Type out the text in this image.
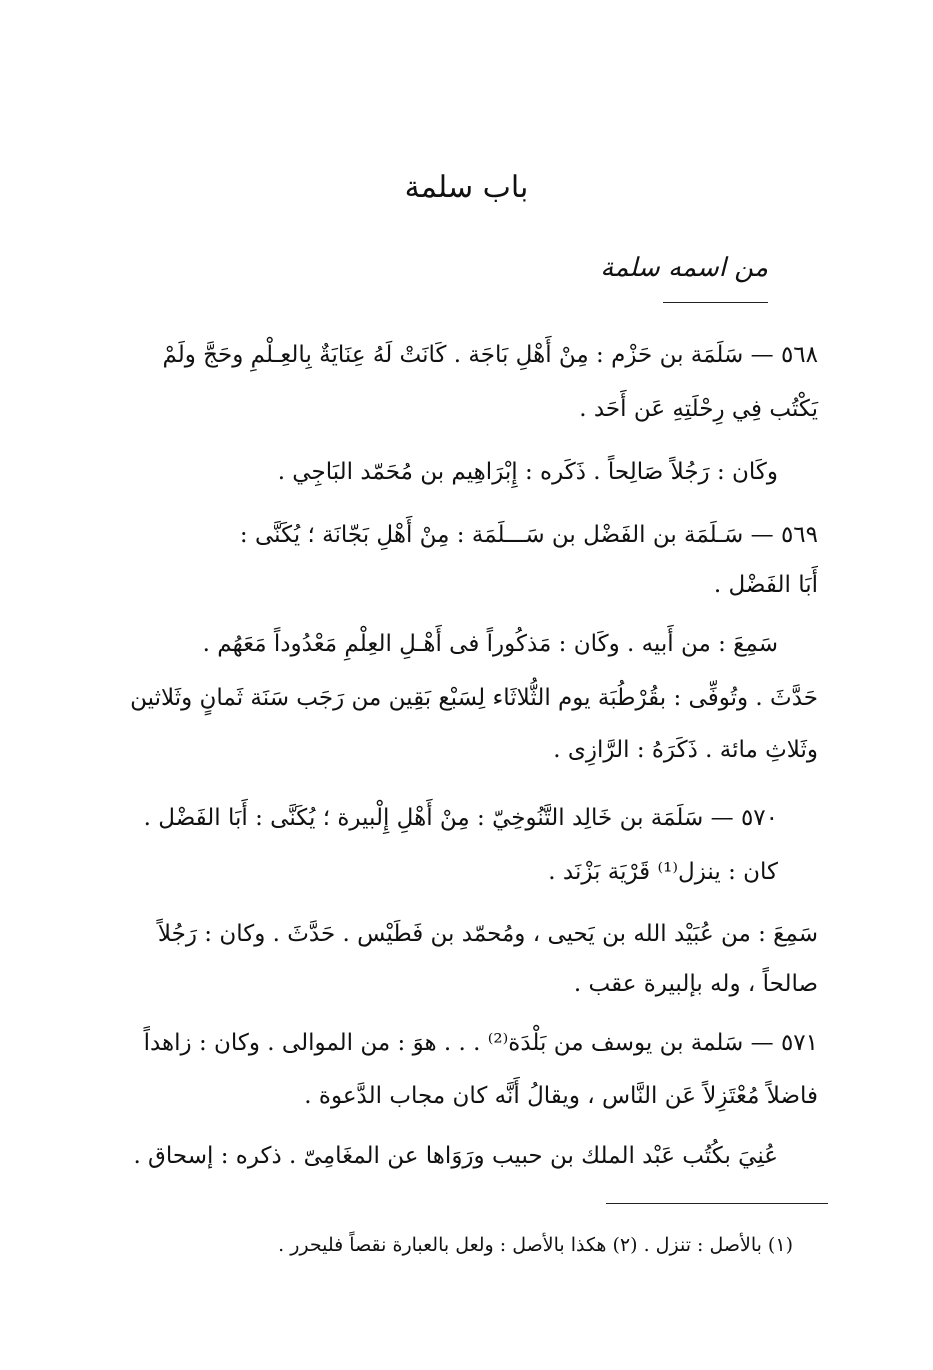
باب سلمة
من اسمه سلمة
٥٦٨ — سَلَمَة بن حَزْم : مِنْ أَهْلِ بَاجَة . كَانَتْ لَهُ عِنَايَةٌ بِالعِـلْمِ وحَجَّ ولَمْ
يَكْتُب فِي رِحْلَتِهِ عَن أَحَد .
وكَان : رَجُلاً صَالِحاً . ذَكَره : إِبْرَاهِيم بن مُحَمّد البَاجِي .
٥٦٩ — سَـلَمَة بن الفَضْل بن سَـــلَمَة : مِنْ أَهْلِ بَجّانَة ؛ يُكَنَّى :
أَبَا الفَضْل .
سَمِعَ : من أَبيه . وكَان : مَذكُوراً فى أَهْـلِ العِلْمِ مَعْدُوداً مَعَهُم .
حَدَّثَ . وتُوفِّى : بقُرْطُبَة يوم الثُّلاثَاء لِسَبْع بَقِين من رَجَب سَنَة ثَمانٍ وثَلاثين
وثَلاثِ مائة . ذَكَرَهُ : الرَّازِى .
٥٧٠ — سَلَمَة بن خَالِد التَّنُوخِيّ : مِنْ أَهْلِ إِلْبيرة ؛ يُكَنَّى : أَبَا الفَضْل .
كان : ينزل⁽¹⁾ قَرْيَة بَزْنَد .
سَمِعَ : من عُبَيْد الله بن يَحيى ، ومُحمّد بن فَطَيْس . حَدَّثَ . وكان : رَجُلاً
صالحاً ، وله بإلبيرة عقب .
٥٧١ — سَلمة بن يوسف من بَلْدَة⁽²⁾ . . . هوَ : من الموالى . وكان : زاهداً
فاضلاً مُعْتَزِلاً عَن النَّاس ، ويقالُ أَنَّه كان مجاب الدَّعوة .
عُنِيَ بكُتُب عَبْد الملك بن حبيب ورَوَاها عن المغَامِىّ . ذكره : إسحاق .
(١) بالأصل : تنزل . (٢) هكذا بالأصل : ولعل بالعبارة نقصاً فليحرر .
